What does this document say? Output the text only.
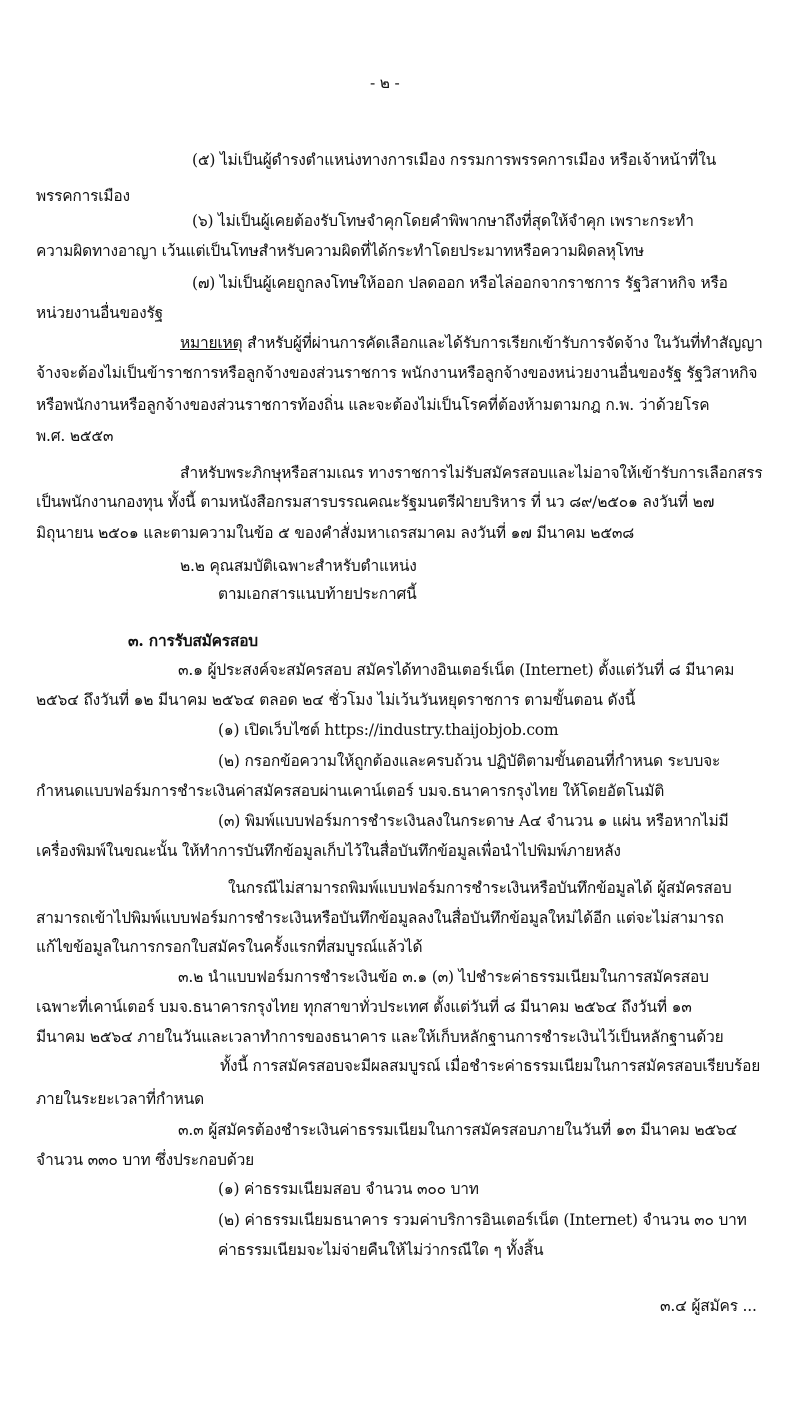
- ๒ -

(๕) ไม่เป็นผู้ดำรงตำแหน่งทางการเมือง กรรมการพรรคการเมือง หรือเจ้าหน้าที่ใน

พรรคการเมือง

(๖) ไม่เป็นผู้เคยต้องรับโทษจำคุกโดยคำพิพากษาถึงที่สุดให้จำคุก เพราะกระทำ

ความผิดทางอาญา เว้นแต่เป็นโทษสำหรับความผิดที่ได้กระทำโดยประมาทหรือความผิดลหุโทษ

(๗) ไม่เป็นผู้เคยถูกลงโทษให้ออก ปลดออก หรือไล่ออกจากราชการ รัฐวิสาหกิจ หรือ

หน่วยงานอื่นของรัฐ

หมายเหตุ สำหรับผู้ที่ผ่านการคัดเลือกและได้รับการเรียกเข้ารับการจัดจ้าง ในวันที่ทำสัญญา

จ้างจะต้องไม่เป็นข้าราชการหรือลูกจ้างของส่วนราชการ พนักงานหรือลูกจ้างของหน่วยงานอื่นของรัฐ รัฐวิสาหกิจ

หรือพนักงานหรือลูกจ้างของส่วนราชการท้องถิ่น และจะต้องไม่เป็นโรคที่ต้องห้ามตามกฎ ก.พ. ว่าด้วยโรค

พ.ศ. ๒๕๕๓

สำหรับพระภิกษุหรือสามเณร ทางราชการไม่รับสมัครสอบและไม่อาจให้เข้ารับการเลือกสรร

เป็นพนักงานกองทุน ทั้งนี้ ตามหนังสือกรมสารบรรณคณะรัฐมนตรีฝ่ายบริหาร ที่ นว ๘๙/๒๕๐๑ ลงวันที่ ๒๗

มิถุนายน ๒๕๐๑ และตามความในข้อ ๕ ของคำสั่งมหาเถรสมาคม ลงวันที่ ๑๗ มีนาคม ๒๕๓๘

๒.๒ คุณสมบัติเฉพาะสำหรับตำแหน่ง

ตามเอกสารแนบท้ายประกาศนี้

๓. การรับสมัครสอบ

๓.๑ ผู้ประสงค์จะสมัครสอบ สมัครได้ทางอินเตอร์เน็ต (Internet) ตั้งแต่วันที่ ๘ มีนาคม

๒๕๖๔ ถึงวันที่ ๑๒ มีนาคม ๒๕๖๔ ตลอด ๒๔ ชั่วโมง ไม่เว้นวันหยุดราชการ ตามขั้นตอน ดังนี้

(๑) เปิดเว็บไซต์ https://industry.thaijobjob.com

(๒) กรอกข้อความให้ถูกต้องและครบถ้วน ปฏิบัติตามขั้นตอนที่กำหนด ระบบจะ

กำหนดแบบฟอร์มการชำระเงินค่าสมัครสอบผ่านเคาน์เตอร์ บมจ.ธนาคารกรุงไทย ให้โดยอัตโนมัติ

(๓) พิมพ์แบบฟอร์มการชำระเงินลงในกระดาษ A๔ จำนวน ๑ แผ่น หรือหากไม่มี

เครื่องพิมพ์ในขณะนั้น ให้ทำการบันทึกข้อมูลเก็บไว้ในสื่อบันทึกข้อมูลเพื่อนำไปพิมพ์ภายหลัง

ในกรณีไม่สามารถพิมพ์แบบฟอร์มการชำระเงินหรือบันทึกข้อมูลได้ ผู้สมัครสอบ

สามารถเข้าไปพิมพ์แบบฟอร์มการชำระเงินหรือบันทึกข้อมูลลงในสื่อบันทึกข้อมูลใหม่ได้อีก แต่จะไม่สามารถ

แก้ไขข้อมูลในการกรอกใบสมัครในครั้งแรกที่สมบูรณ์แล้วได้

๓.๒ นำแบบฟอร์มการชำระเงินข้อ ๓.๑ (๓) ไปชำระค่าธรรมเนียมในการสมัครสอบ

เฉพาะที่เคาน์เตอร์ บมจ.ธนาคารกรุงไทย ทุกสาขาทั่วประเทศ ตั้งแต่วันที่ ๘ มีนาคม ๒๕๖๔ ถึงวันที่ ๑๓

มีนาคม ๒๕๖๔ ภายในวันและเวลาทำการของธนาคาร และให้เก็บหลักฐานการชำระเงินไว้เป็นหลักฐานด้วย

ทั้งนี้ การสมัครสอบจะมีผลสมบูรณ์ เมื่อชำระค่าธรรมเนียมในการสมัครสอบเรียบร้อย

ภายในระยะเวลาที่กำหนด

๓.๓ ผู้สมัครต้องชำระเงินค่าธรรมเนียมในการสมัครสอบภายในวันที่ ๑๓ มีนาคม ๒๕๖๔

จำนวน ๓๓๐ บาท ซึ่งประกอบด้วย

(๑) ค่าธรรมเนียมสอบ จำนวน ๓๐๐ บาท

(๒) ค่าธรรมเนียมธนาคาร รวมค่าบริการอินเตอร์เน็ต (Internet) จำนวน ๓๐ บาท

ค่าธรรมเนียมจะไม่จ่ายคืนให้ไม่ว่ากรณีใด ๆ ทั้งสิ้น

๓.๔ ผู้สมัคร ...
